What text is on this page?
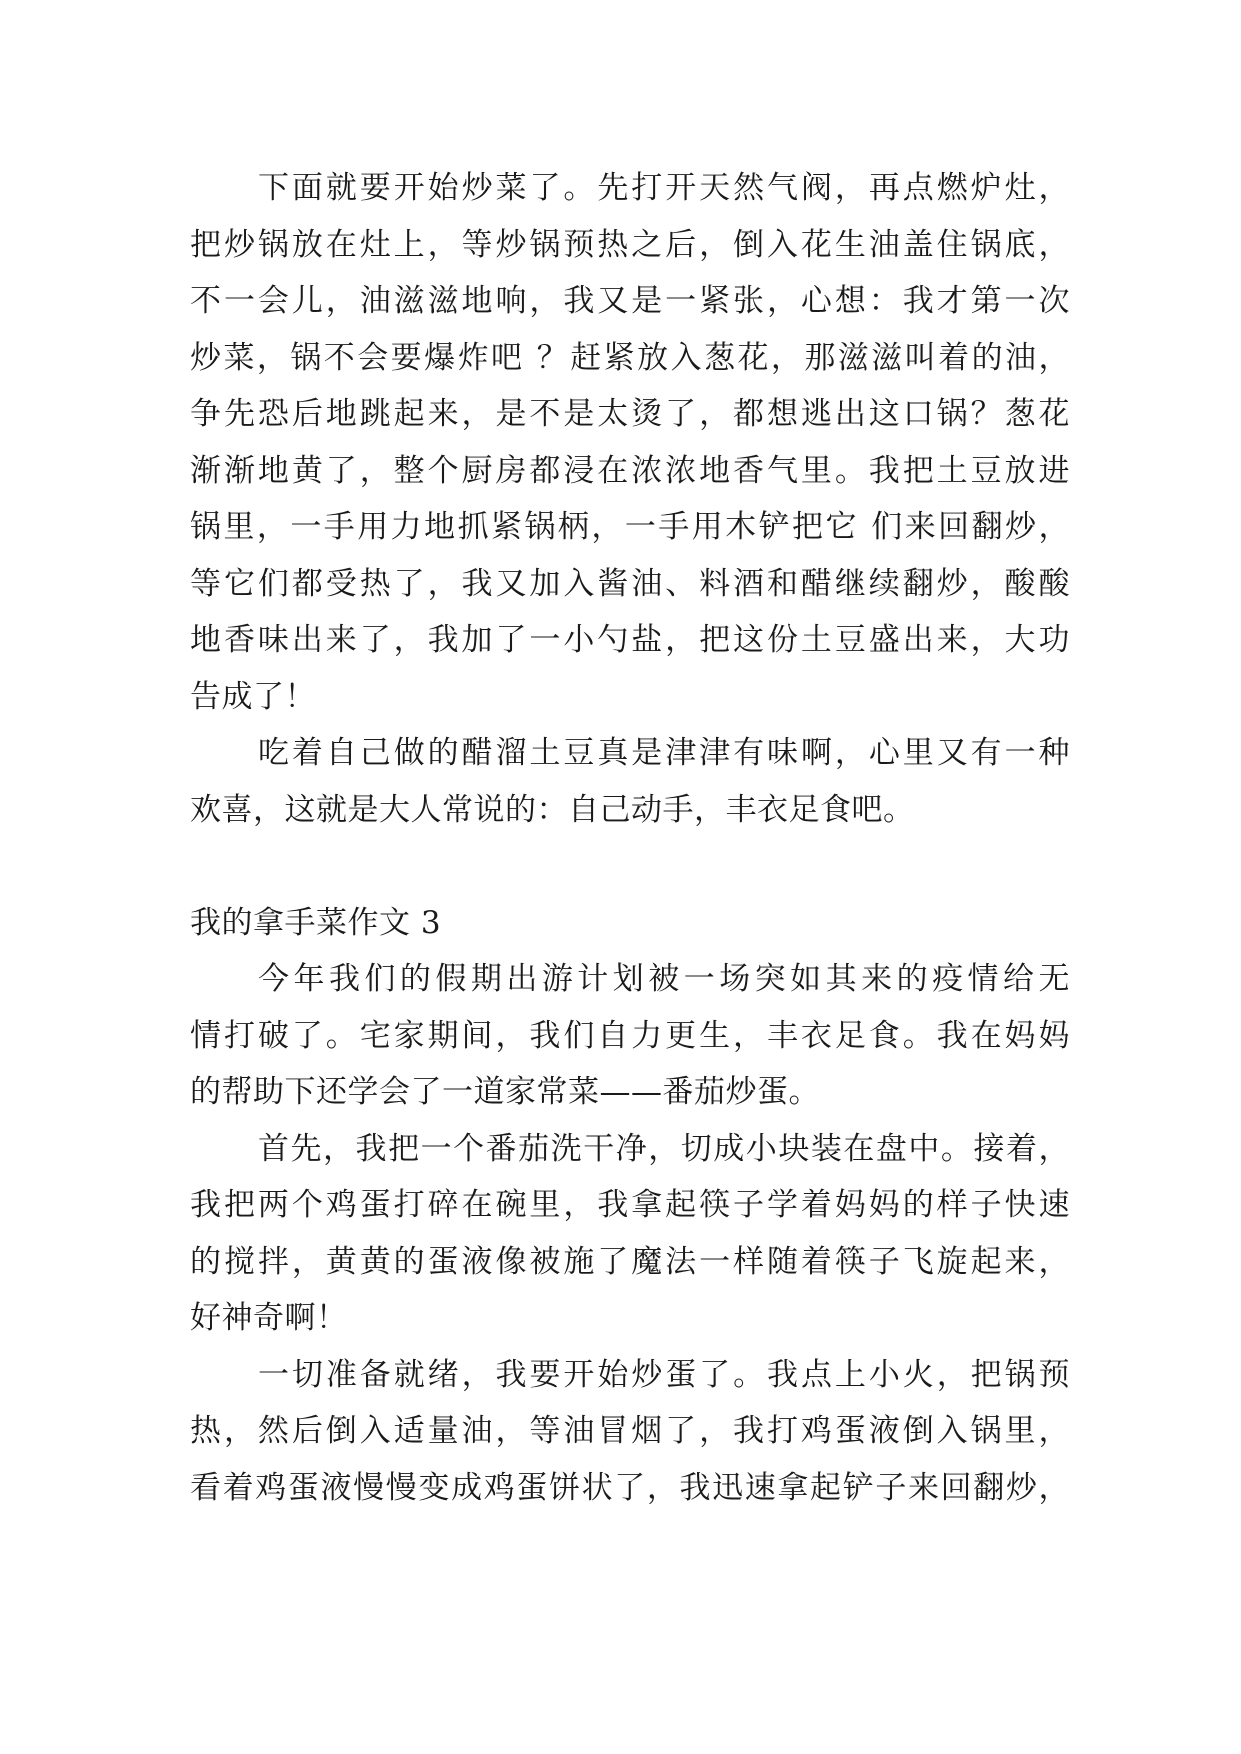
下面就要开始炒菜了。先打开天然气阀，再点燃炉灶，
把炒锅放在灶上，等炒锅预热之后，倒入花生油盖住锅底，
不一会儿，油滋滋地响，我又是一紧张，心想：我才第一次
炒菜，锅不会要爆炸吧 ？赶紧放入葱花，那滋滋叫着的油，
争先恐后地跳起来，是不是太烫了，都想逃出这口锅？葱花
渐渐地黄了，整个厨房都浸在浓浓地香气里。我把土豆放进
锅里，一手用力地抓紧锅柄，一手用木铲把它 们来回翻炒，
等它们都受热了，我又加入酱油、料酒和醋继续翻炒，酸酸
地香味出来了，我加了一小勺盐，把这份土豆盛出来，大功
告成了！
吃着自己做的醋溜土豆真是津津有味啊，心里又有一种
欢喜，这就是大人常说的：自己动手，丰衣足食吧。
我的拿手菜作文 3
今年我们的假期出游计划被一场突如其来的疫情给无
情打破了。宅家期间，我们自力更生，丰衣足食。我在妈妈
的帮助下还学会了一道家常菜——番茄炒蛋。
首先，我把一个番茄洗干净，切成小块装在盘中。接着，
我把两个鸡蛋打碎在碗里，我拿起筷子学着妈妈的样子快速
的搅拌，黄黄的蛋液像被施了魔法一样随着筷子飞旋起来，
好神奇啊！
一切准备就绪，我要开始炒蛋了。我点上小火，把锅预
热，然后倒入适量油，等油冒烟了，我打鸡蛋液倒入锅里，
看着鸡蛋液慢慢变成鸡蛋饼状了，我迅速拿起铲子来回翻炒，
